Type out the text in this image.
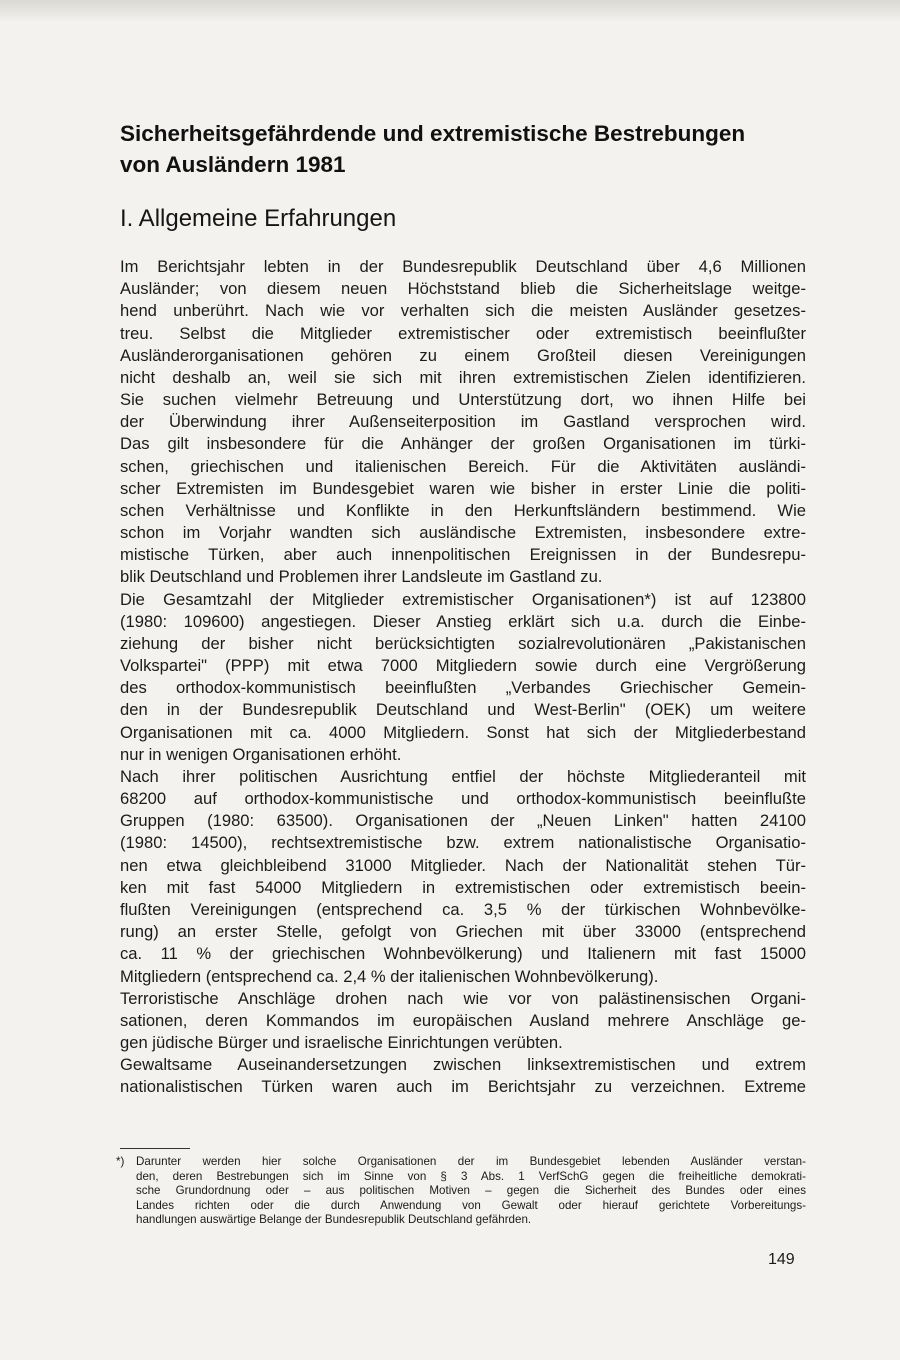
Sicherheitsgefährdende und extremistische Bestrebungen
von Ausländern 1981
I. Allgemeine Erfahrungen
Im Berichtsjahr lebten in der Bundesrepublik Deutschland über 4,6 Millionen
Ausländer; von diesem neuen Höchststand blieb die Sicherheitslage weitge-
hend unberührt. Nach wie vor verhalten sich die meisten Ausländer gesetzes-
treu. Selbst die Mitglieder extremistischer oder extremistisch beeinflußter
Ausländerorganisationen gehören zu einem Großteil diesen Vereinigungen
nicht deshalb an, weil sie sich mit ihren extremistischen Zielen identifizieren.
Sie suchen vielmehr Betreuung und Unterstützung dort, wo ihnen Hilfe bei
der Überwindung ihrer Außenseiterposition im Gastland versprochen wird.
Das gilt insbesondere für die Anhänger der großen Organisationen im türki-
schen, griechischen und italienischen Bereich. Für die Aktivitäten ausländi-
scher Extremisten im Bundesgebiet waren wie bisher in erster Linie die politi-
schen Verhältnisse und Konflikte in den Herkunftsländern bestimmend. Wie
schon im Vorjahr wandten sich ausländische Extremisten, insbesondere extre-
mistische Türken, aber auch innenpolitischen Ereignissen in der Bundesrepu-
blik Deutschland und Problemen ihrer Landsleute im Gastland zu.
Die Gesamtzahl der Mitglieder extremistischer Organisationen*) ist auf 123800
(1980: 109600) angestiegen. Dieser Anstieg erklärt sich u.a. durch die Einbe-
ziehung der bisher nicht berücksichtigten sozialrevolutionären „Pakistanischen
Volkspartei" (PPP) mit etwa 7000 Mitgliedern sowie durch eine Vergrößerung
des orthodox-kommunistisch beeinflußten „Verbandes Griechischer Gemein-
den in der Bundesrepublik Deutschland und West-Berlin" (OEK) um weitere
Organisationen mit ca. 4000 Mitgliedern. Sonst hat sich der Mitgliederbestand
nur in wenigen Organisationen erhöht.
Nach ihrer politischen Ausrichtung entfiel der höchste Mitgliederanteil mit
68200 auf orthodox-kommunistische und orthodox-kommunistisch beeinflußte
Gruppen (1980: 63500). Organisationen der „Neuen Linken" hatten 24100
(1980: 14500), rechtsextremistische bzw. extrem nationalistische Organisatio-
nen etwa gleichbleibend 31000 Mitglieder. Nach der Nationalität stehen Tür-
ken mit fast 54000 Mitgliedern in extremistischen oder extremistisch beein-
flußten Vereinigungen (entsprechend ca. 3,5 % der türkischen Wohnbevölke-
rung) an erster Stelle, gefolgt von Griechen mit über 33000 (entsprechend
ca. 11 % der griechischen Wohnbevölkerung) und Italienern mit fast 15000
Mitgliedern (entsprechend ca. 2,4 % der italienischen Wohnbevölkerung).
Terroristische Anschläge drohen nach wie vor von palästinensischen Organi-
sationen, deren Kommandos im europäischen Ausland mehrere Anschläge ge-
gen jüdische Bürger und israelische Einrichtungen verübten.
Gewaltsame Auseinandersetzungen zwischen linksextremistischen und extrem
nationalistischen Türken waren auch im Berichtsjahr zu verzeichnen. Extreme
*) Darunter werden hier solche Organisationen der im Bundesgebiet lebenden Ausländer verstan-
den, deren Bestrebungen sich im Sinne von § 3 Abs. 1 VerfSchG gegen die freiheitliche demokrati-
sche Grundordnung oder – aus politischen Motiven – gegen die Sicherheit des Bundes oder eines
Landes richten oder die durch Anwendung von Gewalt oder hierauf gerichtete Vorbereitungs-
handlungen auswärtige Belange der Bundesrepublik Deutschland gefährden.
149
